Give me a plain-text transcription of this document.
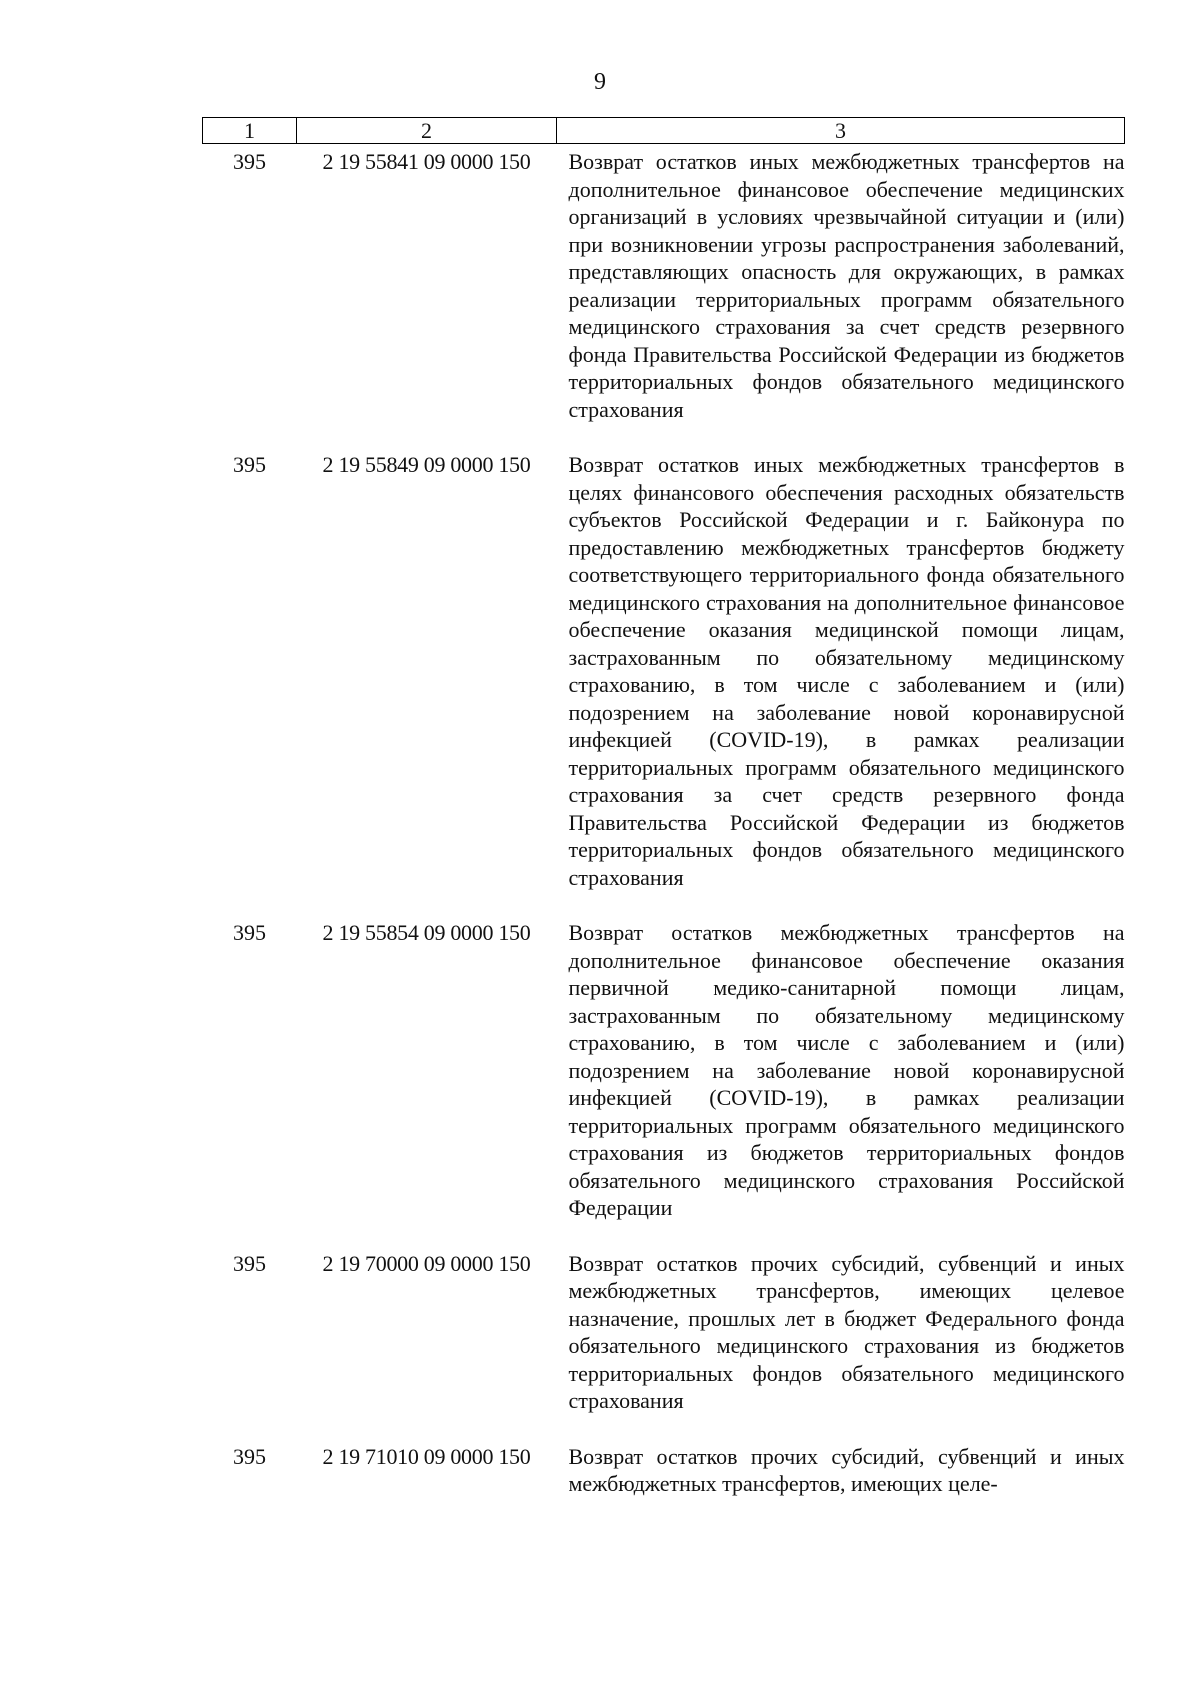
9
1	2	3
395	2 19 55841 09 0000 150	Возврат остатков иных межбюджетных трансфертов на дополнительное финансовое обеспечение медицинских организаций в условиях чрезвычайной ситуации и (или) при возникновении угрозы распространения заболеваний, представляющих опасность для окружающих, в рамках реализации территориальных программ обязательного медицинского страхования за счет средств резервного фонда Правительства Российской Федерации из бюджетов территориальных фондов обязательного медицинского страхования
395	2 19 55849 09 0000 150	Возврат остатков иных межбюджетных трансфертов в целях финансового обеспечения расходных обязательств субъектов Российской Федерации и г. Байконура по предоставлению межбюджетных трансфертов бюджету соответствующего территориального фонда обязательного медицинского страхования на дополнительное финансовое обеспечение оказания медицинской помощи лицам, застрахованным по обязательному медицинскому страхованию, в том числе с заболеванием и (или) подозрением на заболевание новой коронавирусной инфекцией (COVID-19), в рамках реализации территориальных программ обязательного медицинского страхования за счет средств резервного фонда Правительства Российской Федерации из бюджетов территориальных фондов обязательного медицинского страхования
395	2 19 55854 09 0000 150	Возврат остатков межбюджетных трансфертов на дополнительное финансовое обеспечение оказания первичной медико-санитарной помощи лицам, застрахованным по обязательному медицинскому страхованию, в том числе с заболеванием и (или) подозрением на заболевание новой коронавирусной инфекцией (COVID-19), в рамках реализации территориальных программ обязательного медицинского страхования из бюджетов территориальных фондов обязательного медицинского страхования Российской Федерации
395	2 19 70000 09 0000 150	Возврат остатков прочих субсидий, субвенций и иных межбюджетных трансфертов, имеющих целевое назначение, прошлых лет в бюджет Федерального фонда обязательного медицинского страхования из бюджетов территориальных фондов обязательного медицинского страхования
395	2 19 71010 09 0000 150	Возврат остатков прочих субсидий, субвенций и иных межбюджетных трансфертов, имеющих целе-
